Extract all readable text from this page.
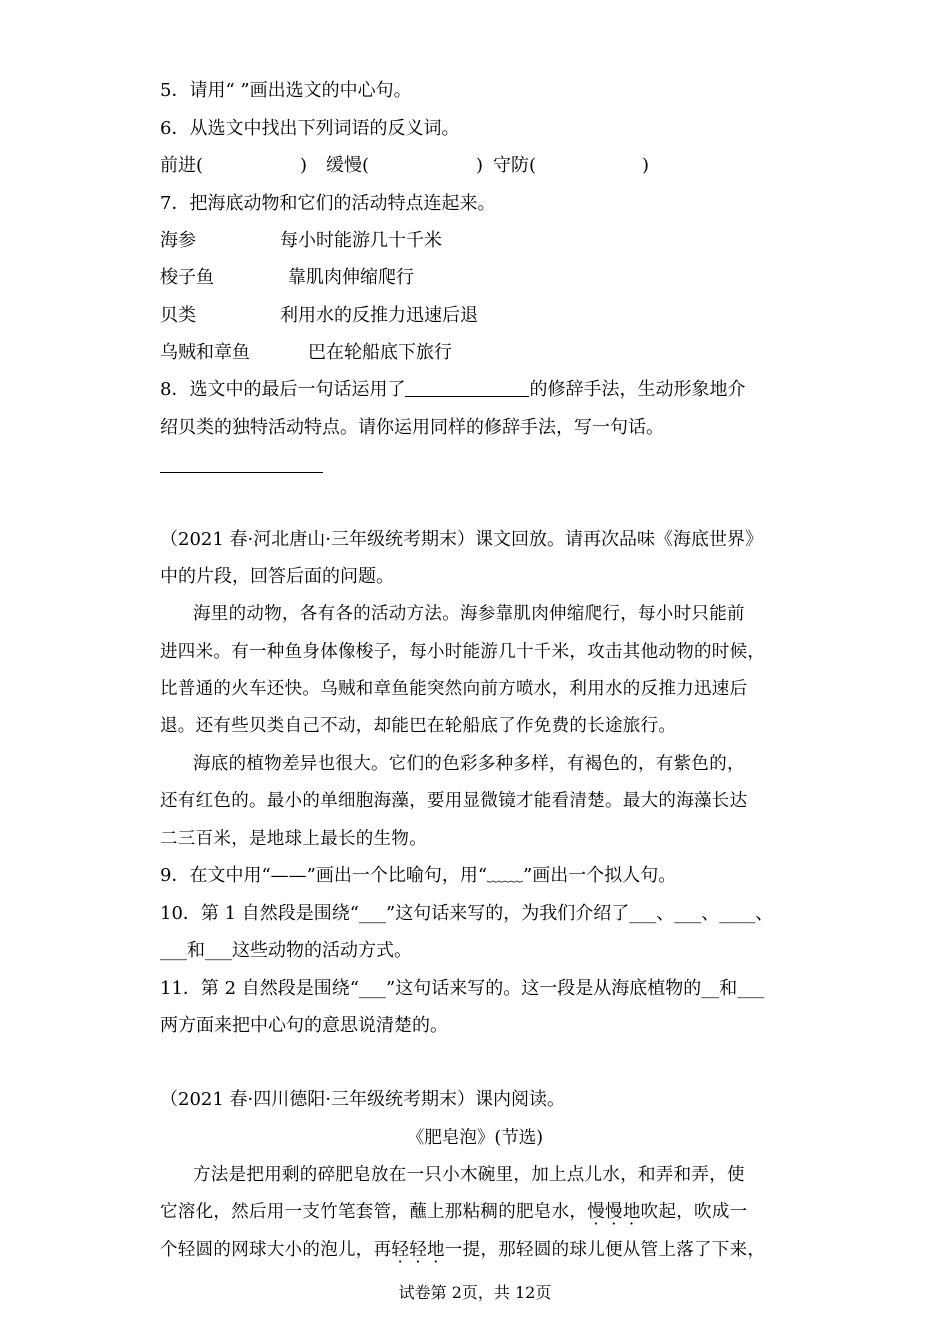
5．请用“ ”画出选文的中心句。
6．从选文中找出下列词语的反义词。
前进(	) 缓慢(	) 守防(	)
7．把海底动物和它们的活动特点连起来。
海参	每小时能游几十千米
梭子鱼	靠肌肉伸缩爬行
贝类	利用水的反推力迅速后退
乌贼和章鱼	巴在轮船底下旅行
8．选文中的最后一句话运用了	的修辞手法，生动形象地介
绍贝类的独特活动特点。请你运用同样的修辞手法，写一句话。
（2021 春·河北唐山·三年级统考期末）课文回放。请再次品味《海底世界》
中的片段，回答后面的问题。
海里的动物，各有各的活动方法。海参靠肌肉伸缩爬行，每小时只能前
进四米。有一种鱼身体像梭子，每小时能游几十千米，攻击其他动物的时候，
比普通的火车还快。乌贼和章鱼能突然向前方喷水，利用水的反推力迅速后
退。还有些贝类自己不动，却能巴在轮船底了作免费的长途旅行。
海底的植物差异也很大。它们的色彩多种多样，有褐色的，有紫色的，
还有红色的。最小的单细胞海藻，要用显微镜才能看清楚。最大的海藻长达
二三百米，是地球上最长的生物。
9．在文中用“——”画出一个比喻句，用“﹏﹏”画出一个拟人句。
10．第 1 自然段是围绕“___”这句话来写的，为我们介绍了___、___、____、
___和___这些动物的活动方式。
11．第 2 自然段是围绕“___”这句话来写的。这一段是从海底植物的__和___
两方面来把中心句的意思说清楚的。
（2021 春·四川德阳·三年级统考期末）课内阅读。
《肥皂泡》(节选)
方法是把用剩的碎肥皂放在一只小木碗里，加上点儿水，和弄和弄，使
它溶化，然后用一支竹笔套管，蘸上那粘稠的肥皂水，慢慢地吹起，吹成一
个轻圆的网球大小的泡儿，再轻轻地一提，那轻圆的球儿便从管上落了下来，
试卷第 2页，共 12页
